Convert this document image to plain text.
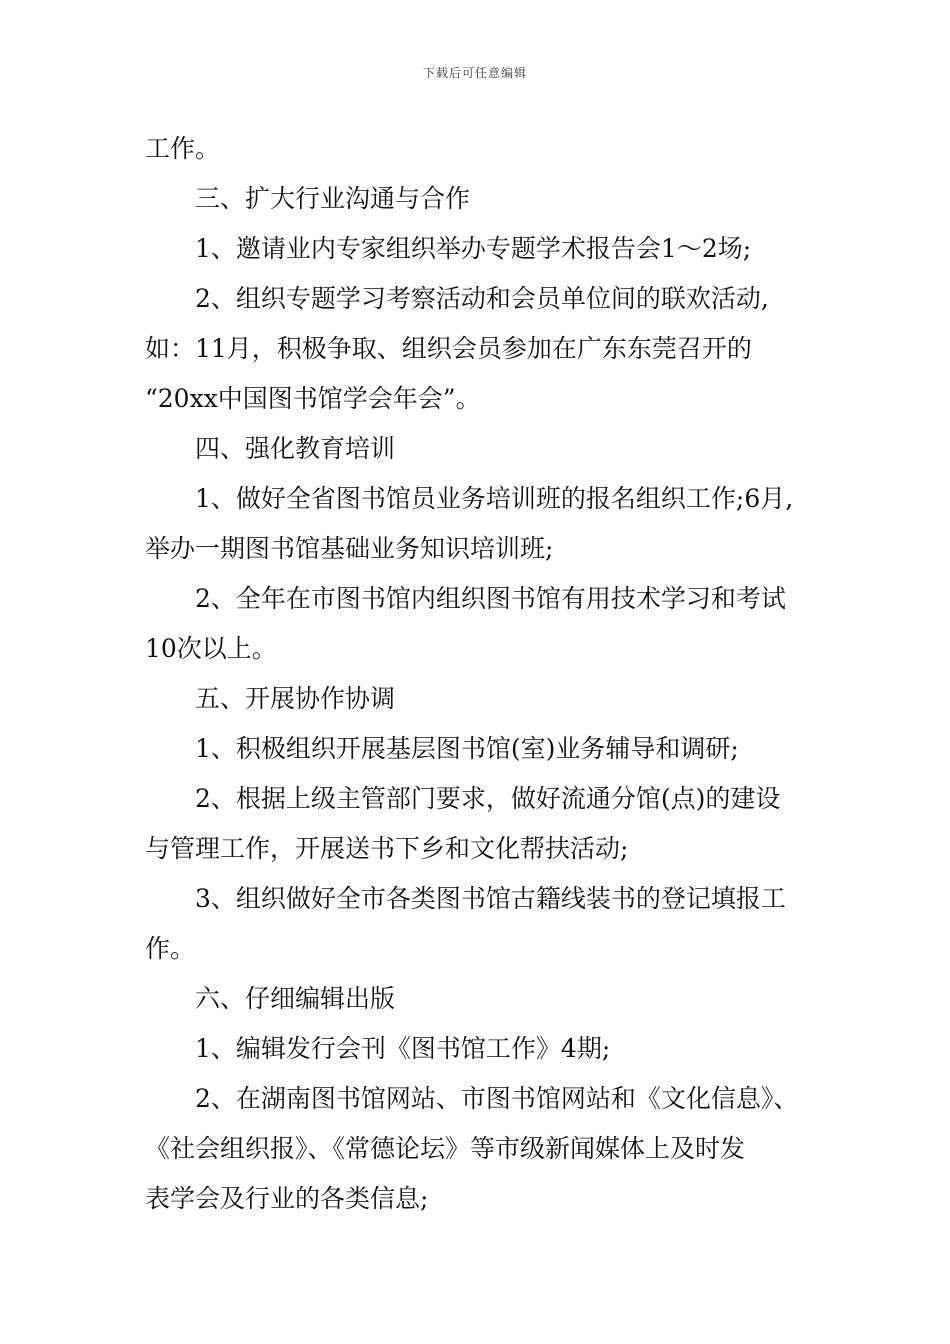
下载后可任意编辑
工作。
三、扩大行业沟通与合作
1、邀请业内专家组织举办专题学术报告会1～2场;
2、组织专题学习考察活动和会员单位间的联欢活动,
如：11月，积极争取、组织会员参加在广东东莞召开的
“20xx中国图书馆学会年会”。
四、强化教育培训
1、做好全省图书馆员业务培训班的报名组织工作;6月,
举办一期图书馆基础业务知识培训班;
2、全年在市图书馆内组织图书馆有用技术学习和考试
10次以上。
五、开展协作协调
1、积极组织开展基层图书馆(室)业务辅导和调研;
2、根据上级主管部门要求，做好流通分馆(点)的建设
与管理工作，开展送书下乡和文化帮扶活动;
3、组织做好全市各类图书馆古籍线装书的登记填报工
作。
六、仔细编辑出版
1、编辑发行会刊《图书馆工作》4期;
2、在湖南图书馆网站、市图书馆网站和《文化信息》、
《社会组织报》、《常德论坛》等市级新闻媒体上及时发
表学会及行业的各类信息;
